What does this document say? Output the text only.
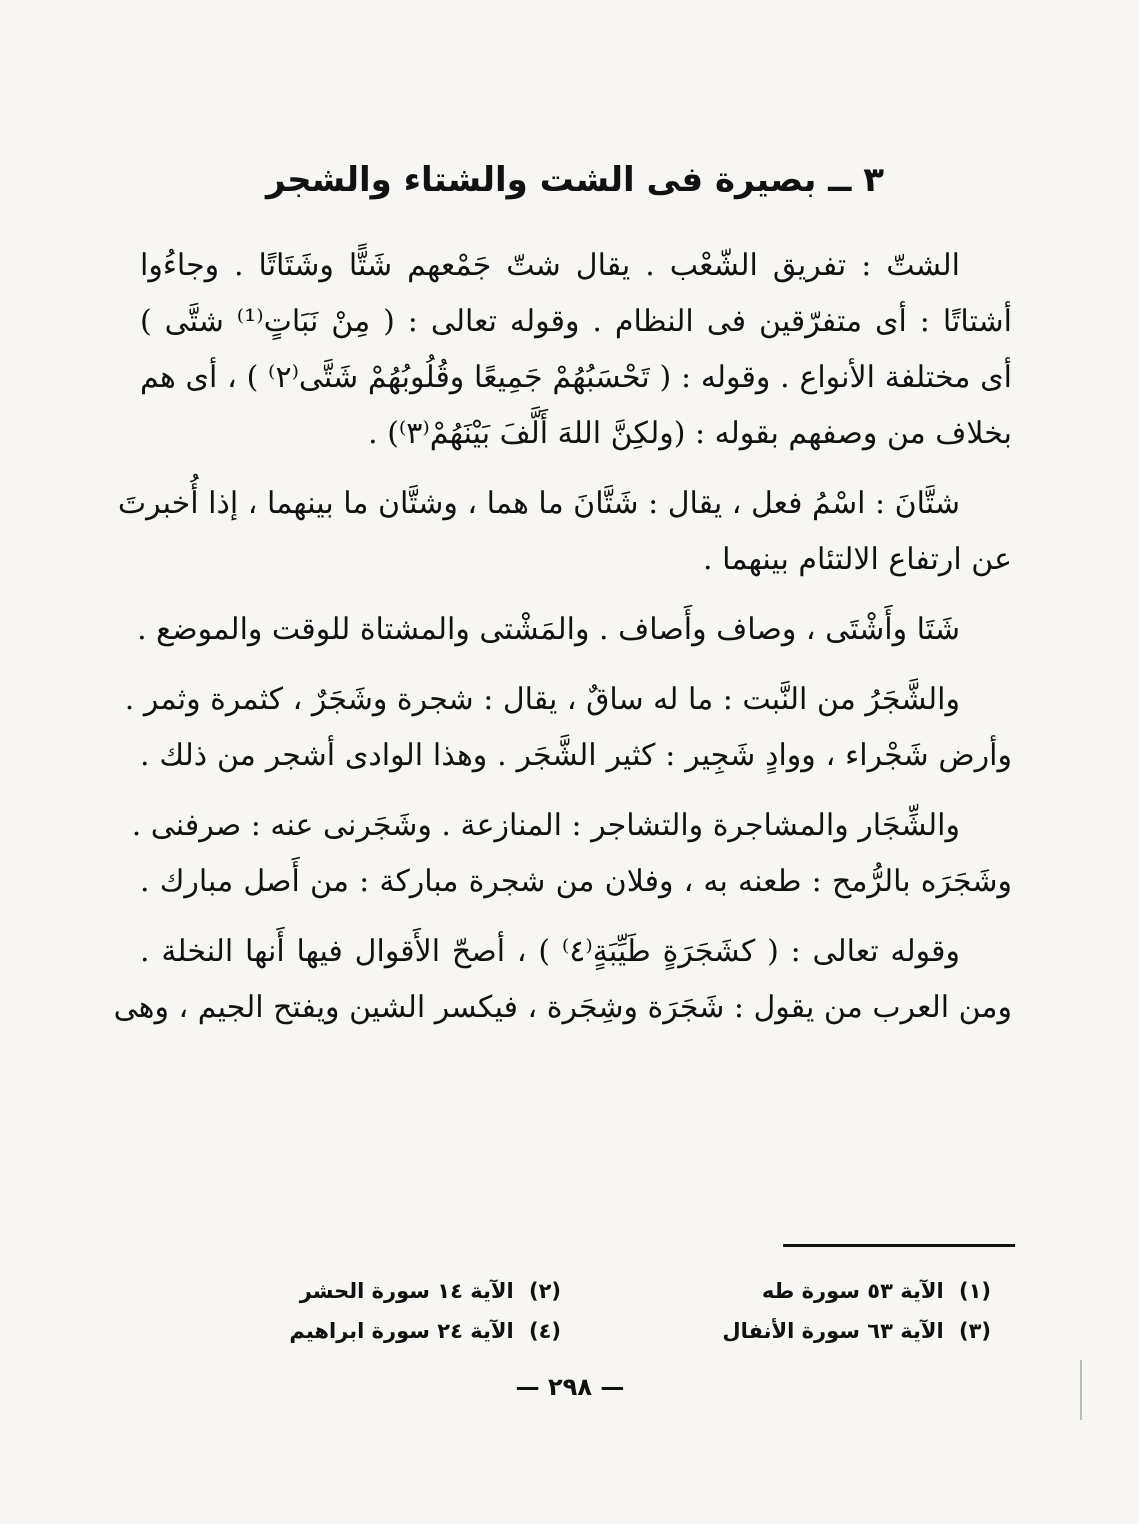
٣ ــ بصيرة فى الشت والشتاء والشجر
الشتّ : تفريق الشّعْب . يقال شتّ جَمْعهم شَتًّا وشَتَاتًا . وجاءُوا
أشتاتًا : أى متفرّقين فى النظام . وقوله تعالى : ( مِنْ نَبَاتٍ⁽¹⁾ شتَّى )
أى مختلفة الأنواع . وقوله : ( تَحْسَبُهُمْ جَمِيعًا وقُلُوبُهُمْ شَتَّى⁽٢⁾ ) ، أى هم
بخلاف من وصفهم بقوله : (ولكِنَّ اللهَ أَلَّفَ بَيْنَهُمْ⁽٣⁾) .
شتَّانَ : اسْمُ فعل ، يقال : شَتَّانَ ما هما ، وشتَّان ما بينهما ، إذا أُخبرتَ
عن ارتفاع الالتئام بينهما .
شَتَا وأَشْتَى ، وصاف وأَصاف . والمَشْتى والمشتاة للوقت والموضع .
والشَّجَرُ من النَّبت : ما له ساقٌ ، يقال : شجرة وشَجَرٌ ، كثمرة وثمر .
وأرض شَجْراء ، ووادٍ شَجِير : كثير الشَّجَر . وهذا الوادى أشجر من ذلك .
والشِّجَار والمشاجرة والتشاجر : المنازعة . وشَجَرنى عنه : صرفنى .
وشَجَرَه بالرُّمح : طعنه به ، وفلان من شجرة مباركة : من أَصل مبارك .
وقوله تعالى : ( كشَجَرَةٍ طَيِّبَةٍ⁽٤⁾ ) ، أصحّ الأَقوال فيها أَنها النخلة .
ومن العرب من يقول : شَجَرَة وشِجَرة ، فيكسر الشين ويفتح الجيم ، وهى
(١) الآية ٥٣ سورة طه
(٢) الآية ١٤ سورة الحشر
(٣) الآية ٦٣ سورة الأنفال
(٤) الآية ٢٤ سورة ابراهيم
— ٢٩٨ —
